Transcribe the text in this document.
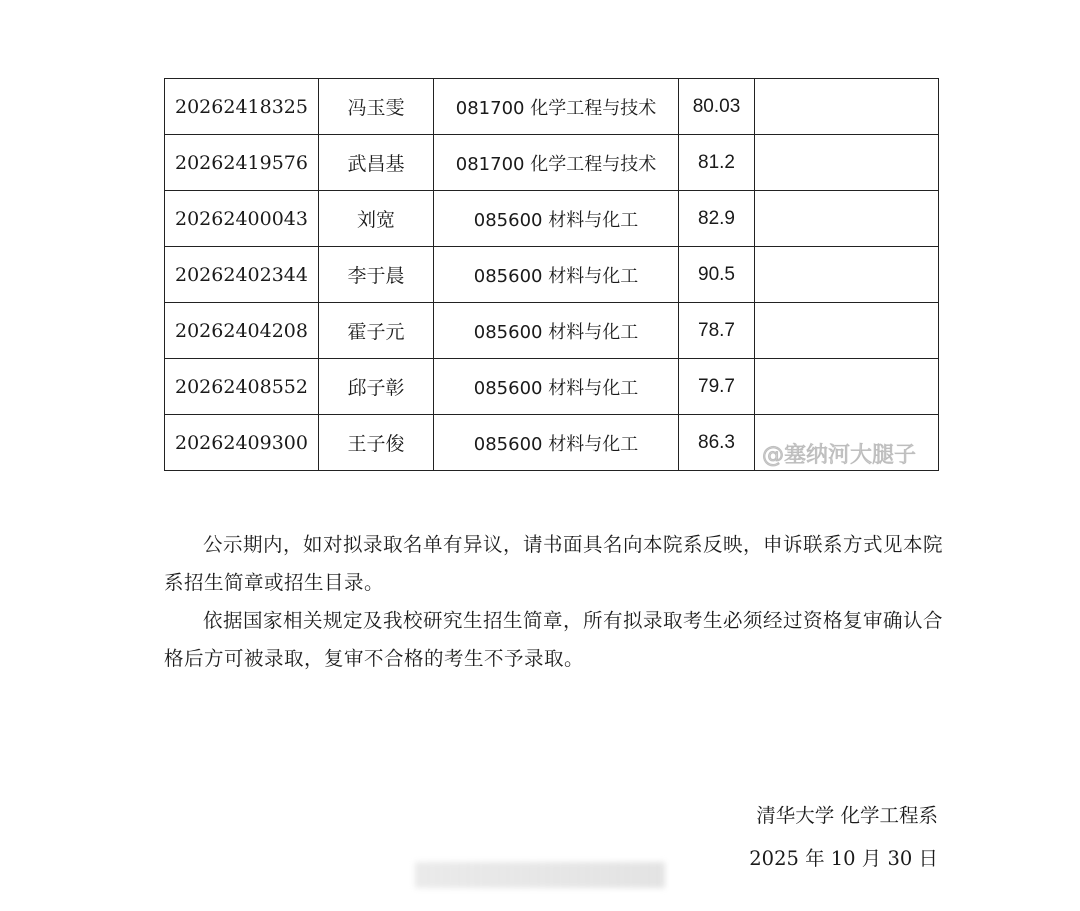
20262418325	冯玉雯	081700 化学工程与技术	80.03	
20262419576	武昌基	081700 化学工程与技术	81.2	
20262400043	刘宽	085600 材料与化工	82.9	
20262402344	李于晨	085600 材料与化工	90.5	
20262404208	霍子元	085600 材料与化工	78.7	
20262408552	邱子彰	085600 材料与化工	79.7	
20262409300	王子俊	085600 材料与化工	86.3	
公示期内，如对拟录取名单有异议，请书面具名向本院系反映，申诉联系方式见本院系招生简章或招生目录。
依据国家相关规定及我校研究生招生简章，所有拟录取考生必须经过资格复审确认合格后方可被录取，复审不合格的考生不予录取。
清华大学 化学工程系
2025 年 10 月 30 日
@塞纳河大腿子
